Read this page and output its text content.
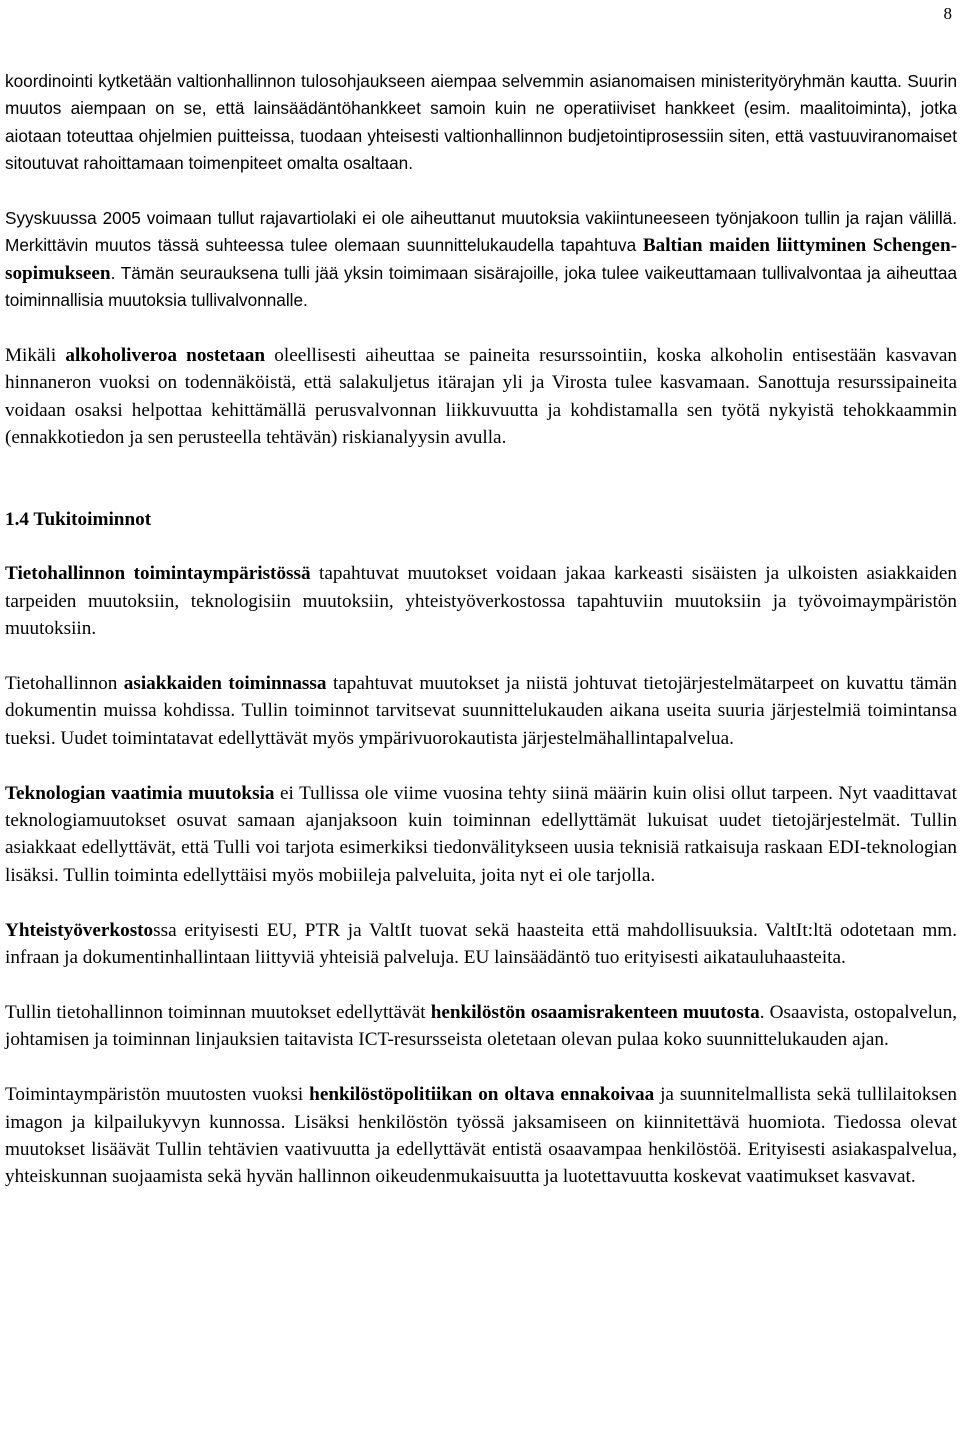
8

koordinointi kytketään valtionhallinnon tulosohjaukseen aiempaa selvemmin asianomaisen ministerityöryhmän kautta. Suurin muutos aiempaan on se, että lainsäädäntöhankkeet samoin kuin ne operatiiviset hankkeet (esim. maalitoiminta), jotka aiotaan toteuttaa ohjelmien puitteissa, tuodaan yhteisesti valtionhallinnon budjetointiprosessiin siten, että vastuuviranomaiset sitoutuvat rahoittamaan toimenpiteet omalta osaltaan.

Syyskuussa 2005 voimaan tullut rajavartiolaki ei ole aiheuttanut muutoksia vakiintuneeseen työnjakoon tullin ja rajan välillä. Merkittävin muutos tässä suhteessa tulee olemaan suunnittelukaudella tapahtuva Baltian maiden liittyminen Schengen-sopimukseen. Tämän seurauksena tulli jää yksin toimimaan sisärajoille, joka tulee vaikeuttamaan tullivalvontaa ja aiheuttaa toiminnallisia muutoksia tullivalvonnalle.

Mikäli alkoholiveroa nostetaan oleellisesti aiheuttaa se paineita resurssointiin, koska alkoholin entisestään kasvavan hinnaneron vuoksi on todennäköistä, että salakuljetus itärajan yli ja Virosta tulee kasvamaan. Sanottuja resurssipaineita voidaan osaksi helpottaa kehittämällä perusvalvonnan liikkuvuutta ja kohdistamalla sen työtä nykyistä tehokkaammin (ennakkotiedon ja sen perusteella tehtävän) riskianalyysin avulla.

1.4 Tukitoiminnot

Tietohallinnon toimintaympäristössä tapahtuvat muutokset voidaan jakaa karkeasti sisäisten ja ulkoisten asiakkaiden tarpeiden muutoksiin, teknologisiin muutoksiin, yhteistyöverkostossa tapahtuviin muutoksiin ja työvoimaympäristön muutoksiin.

Tietohallinnon asiakkaiden toiminnassa tapahtuvat muutokset ja niistä johtuvat tietojärjestelmätarpeet on kuvattu tämän dokumentin muissa kohdissa. Tullin toiminnot tarvitsevat suunnittelukauden aikana useita suuria järjestelmiä toimintansa tueksi. Uudet toimintatavat edellyttävät myös ympärivuorokautista järjestelmähallintapalvelua.

Teknologian vaatimia muutoksia ei Tullissa ole viime vuosina tehty siinä määrin kuin olisi ollut tarpeen. Nyt vaadittavat teknologiamuutokset osuvat samaan ajanjaksoon kuin toiminnan edellyttämät lukuisat uudet tietojärjestelmät. Tullin asiakkaat edellyttävät, että Tulli voi tarjota esimerkiksi tiedonvälitykseen uusia teknisiä ratkaisuja raskaan EDI-teknologian lisäksi. Tullin toiminta edellyttäisi myös mobiileja palveluita, joita nyt ei ole tarjolla.

Yhteistyöverkostossa erityisesti EU, PTR ja ValtIt tuovat sekä haasteita että mahdollisuuksia. ValtIt:ltä odotetaan mm. infraan ja dokumentinhallintaan liittyviä yhteisiä palveluja. EU lainsäädäntö tuo erityisesti aikatauluhaasteita.

Tullin tietohallinnon toiminnan muutokset edellyttävät henkilöstön osaamisrakenteen muutosta. Osaavista, ostopalvelun, johtamisen ja toiminnan linjauksien taitavista ICT-resursseista oletetaan olevan pulaa koko suunnittelukauden ajan.

Toimintaympäristön muutosten vuoksi henkilöstöpolitiikan on oltava ennakoivaa ja suunnitelmallista sekä tullilaitoksen imagon ja kilpailukyvyn kunnossa. Lisäksi henkilöstön työssä jaksamiseen on kiinnitettävä huomiota. Tiedossa olevat muutokset lisäävät Tullin tehtävien vaativuutta ja edellyttävät entistä osaavampaa henkilöstöä. Erityisesti asiakaspalvelua, yhteiskunnan suojaamista sekä hyvän hallinnon oikeudenmukaisuutta ja luotettavuutta koskevat vaatimukset kasvavat.
